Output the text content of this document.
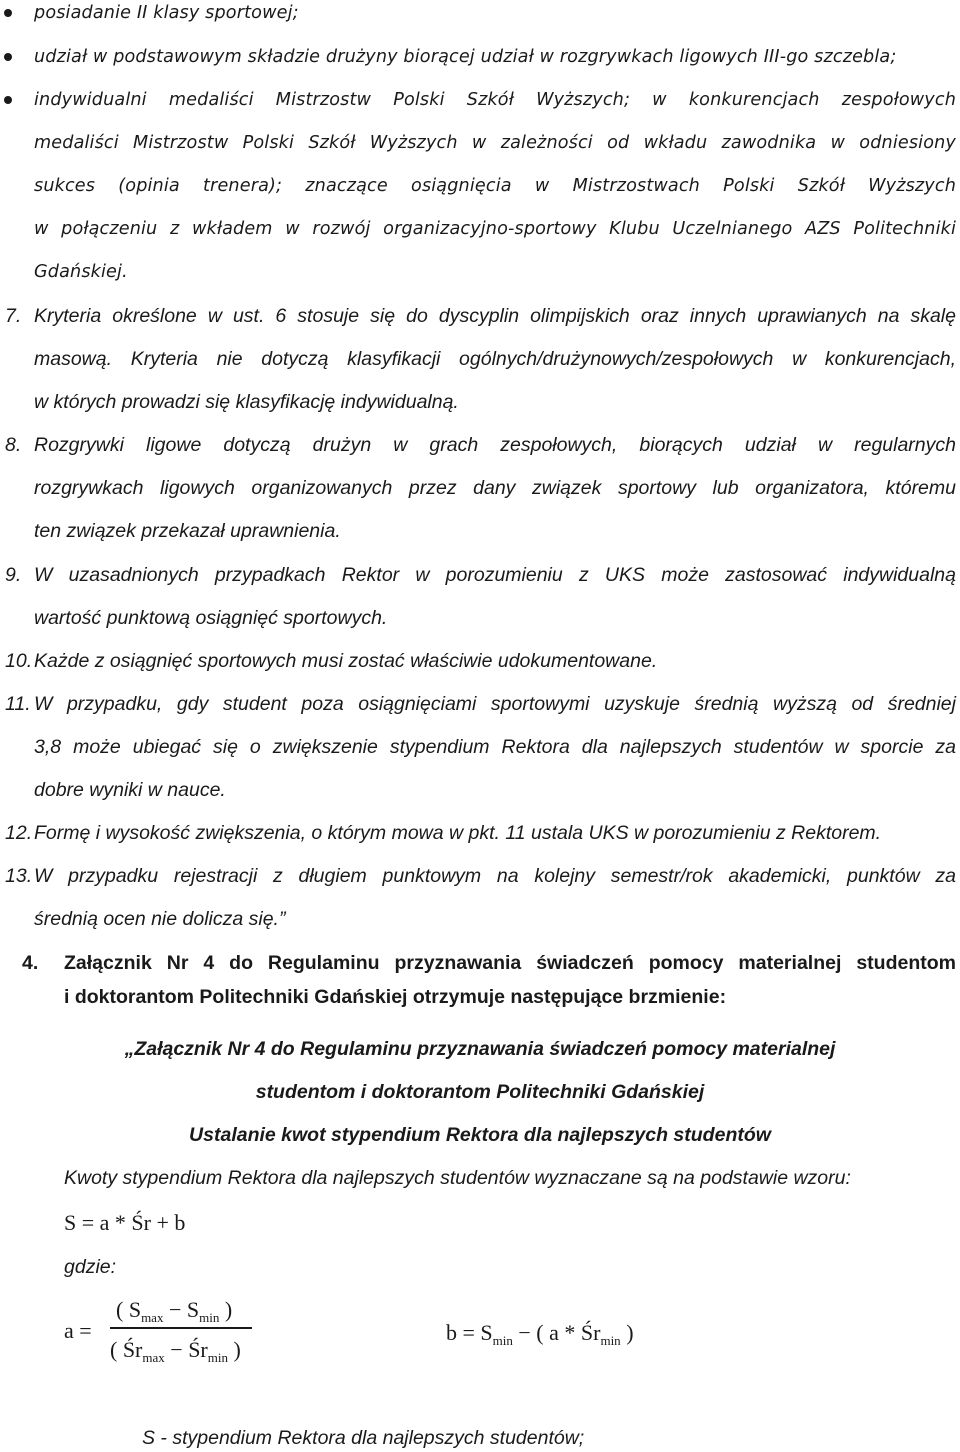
posiadanie II klasy sportowej;
udział w podstawowym składzie drużyny biorącej udział w rozgrywkach ligowych III-go szczebla;
indywidualni medaliści Mistrzostw Polski Szkół Wyższych; w konkurencjach zespołowych
medaliści Mistrzostw Polski Szkół Wyższych w zależności od wkładu zawodnika w odniesiony
sukces (opinia trenera); znaczące osiągnięcia w Mistrzostwach Polski Szkół Wyższych
w połączeniu z wkładem w rozwój organizacyjno-sportowy Klubu Uczelnianego AZS Politechniki
Gdańskiej.
7. Kryteria określone w ust. 6 stosuje się do dyscyplin olimpijskich oraz innych uprawianych na skalę
masową. Kryteria nie dotyczą klasyfikacji ogólnych/drużynowych/zespołowych w konkurencjach,
w których prowadzi się klasyfikację indywidualną.
8. Rozgrywki ligowe dotyczą drużyn w grach zespołowych, biorących udział w regularnych
rozgrywkach ligowych organizowanych przez dany związek sportowy lub organizatora, któremu
ten związek przekazał uprawnienia.
9. W uzasadnionych przypadkach Rektor w porozumieniu z UKS może zastosować indywidualną
wartość punktową osiągnięć sportowych.
10. Każde z osiągnięć sportowych musi zostać właściwie udokumentowane.
11. W przypadku, gdy student poza osiągnięciami sportowymi uzyskuje średnią wyższą od średniej
3,8 może ubiegać się o zwiększenie stypendium Rektora dla najlepszych studentów w sporcie za
dobre wyniki w nauce.
12. Formę i wysokość zwiększenia, o którym mowa w pkt. 11 ustala UKS w porozumieniu z Rektorem.
13. W przypadku rejestracji z długiem punktowym na kolejny semestr/rok akademicki, punktów za
średnią ocen nie dolicza się.”
4. Załącznik Nr 4 do Regulaminu przyznawania świadczeń pomocy materialnej studentom
i doktorantom Politechniki Gdańskiej otrzymuje następujące brzmienie:
„Załącznik Nr 4 do Regulaminu przyznawania świadczeń pomocy materialnej
studentom i doktorantom Politechniki Gdańskiej
Ustalanie kwot stypendium Rektora dla najlepszych studentów
Kwoty stypendium Rektora dla najlepszych studentów wyznaczane są na podstawie wzoru:
S = a * Śr + b
gdzie:
a =
( $S_{max} - S_{min}$ )
( $Śr_{max}$ − $Śr_{min}$ )
$b = S_{min}$ − ( a * $Śr_{min}$ )
S - stypendium Rektora dla najlepszych studentów;
